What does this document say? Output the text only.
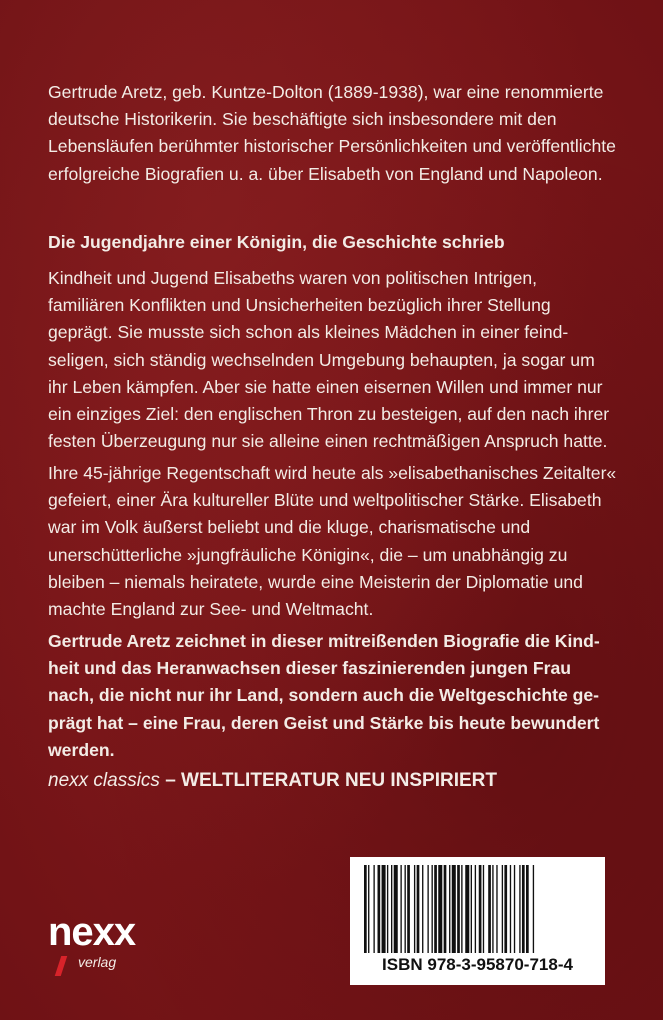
Gertrude Aretz, geb. Kuntze-Dolton (1889-1938), war eine renommierte deutsche Historikerin. Sie beschäftigte sich insbesondere mit den Lebensläufen berühmter historischer Persönlichkeiten und veröffentlichte erfolgreiche Biografien u. a. über Elisabeth von England und Napoleon.

Die Jugendjahre einer Königin, die Geschichte schrieb

Kindheit und Jugend Elisabeths waren von politischen Intrigen, familiären Konflikten und Unsicherheiten bezüglich ihrer Stellung geprägt. Sie musste sich schon als kleines Mädchen in einer feindseligen, sich ständig wechselnden Umgebung behaupten, ja sogar um ihr Leben kämpfen. Aber sie hatte einen eisernen Willen und immer nur ein einziges Ziel: den englischen Thron zu besteigen, auf den nach ihrer festen Überzeugung nur sie alleine einen rechtmäßigen Anspruch hatte.

Ihre 45-jährige Regentschaft wird heute als »elisabethanisches Zeitalter« gefeiert, einer Ära kultureller Blüte und weltpolitischer Stärke. Elisabeth war im Volk äußerst beliebt und die kluge, charismatische und unerschütterliche »jungfräuliche Königin«, die – um unabhängig zu bleiben – niemals heiratete, wurde eine Meisterin der Diplomatie und machte England zur See- und Weltmacht.

Gertrude Aretz zeichnet in dieser mitreißenden Biografie die Kindheit und das Heranwachsen dieser faszinierenden jungen Frau nach, die nicht nur ihr Land, sondern auch die Weltgeschichte geprägt hat – eine Frau, deren Geist und Stärke bis heute bewundert werden.

nexx classics – WELTLITERATUR NEU INSPIRIERT

nexx
verlag	ISBN 978-3-95870-718-4
